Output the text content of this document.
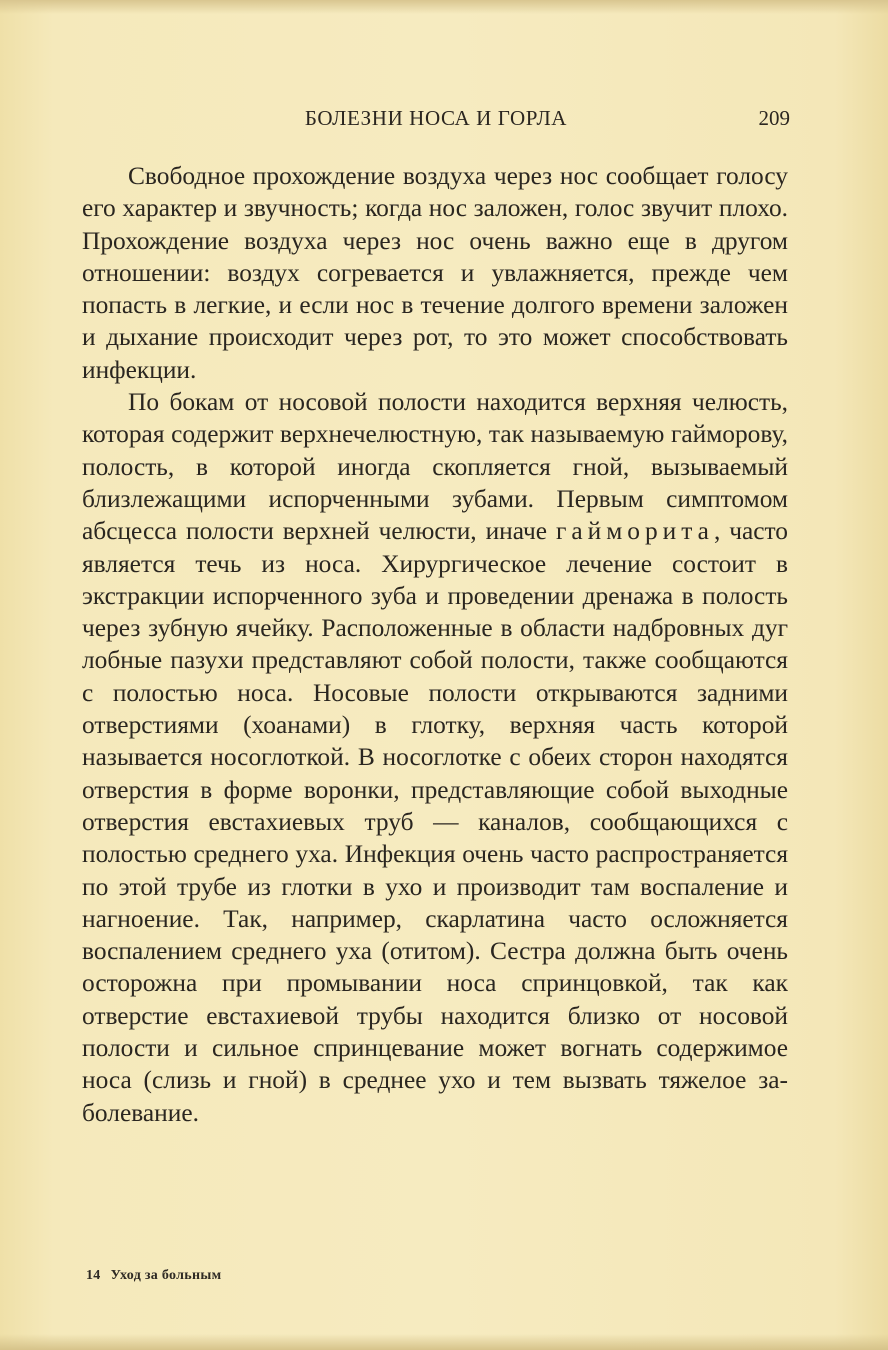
БОЛЕЗНИ НОСА И ГОРЛА	209

Свободное прохождение воздуха через нос сообщает голосу его характер и звучность; когда нос заложен, голос звучит плохо. Прохождение воздуха через нос очень важно еще в другом отношении: воздух согревается и увлажняется, прежде чем попасть в легкие, и если нос в течение долгого времени заложен и дыхание происходит через рот, то это может способствовать инфекции.

По бокам от носовой полости находится верхняя челюсть, которая содержит верхнечелюстную, так называемую гайморову, полость, в которой иногда скопляется гной, вызываемый близлежащими испорченными зубами. Первым симптомом абсцесса полости верхней челюсти, иначе гайморита, часто является течь из носа. Хирургическое лечение состоит в экстракции испорченного зуба и проведении дренажа в полость через зубную ячейку. Расположенные в области надбровных дуг лобные пазухи представляют собой полости, также сообщаются с полостью носа. Носовые полости открываются задними отверстиями (хоанами) в глотку, верхняя часть которой называется носоглоткой. В носоглотке с обеих сторон находятся отверстия в форме воронки, представляющие собой выходные отверстия евстахиевых труб — каналов, сообщающихся с полостью среднего уха. Инфекция очень часто распространяется по этой трубе из глотки в ухо и производит там воспаление и нагноение. Так, например, скарлатина часто осложняется воспалением среднего уха (отитом). Сестра должна быть очень осторожна при промывании носа спринцовкой, так как отверстие евстахиевой трубы находится близко от носовой полости и сильное спринцевание может вогнать содержимое носа (слизь и гной) в среднее ухо и тем вызвать тяжелое заболевание.

14 Уход за больным
